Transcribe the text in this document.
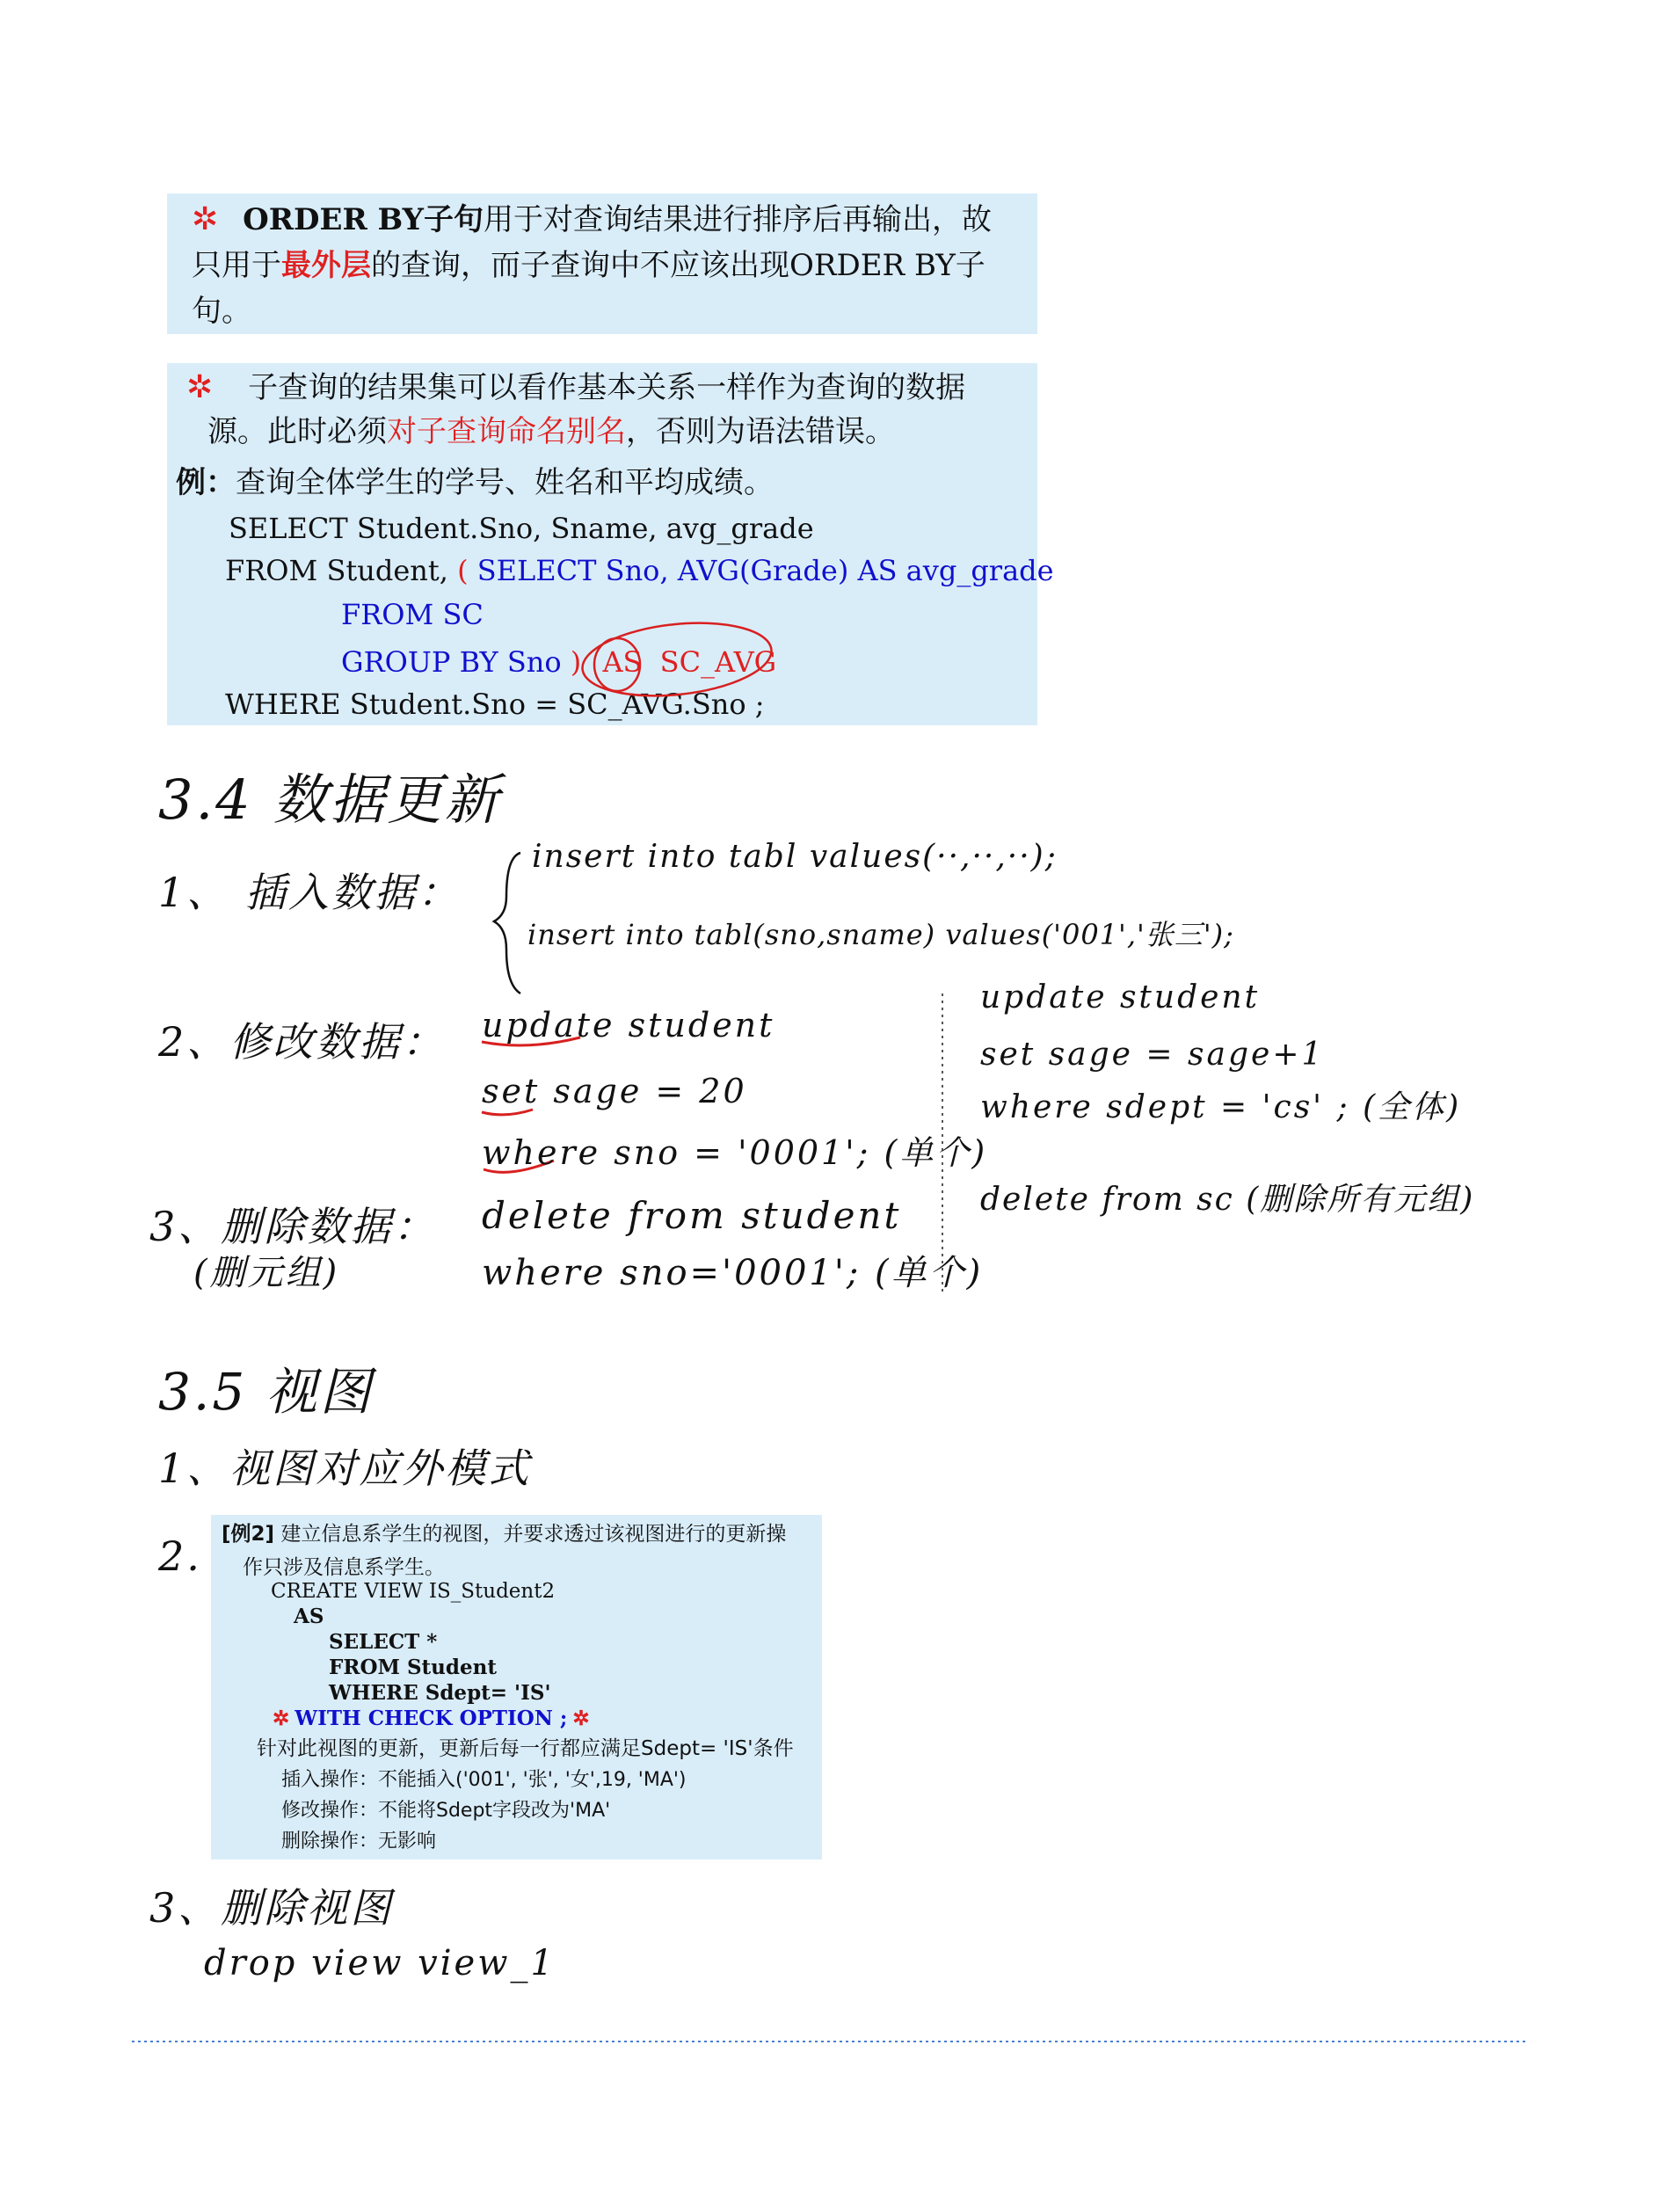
✲ ORDER BY子句用于对查询结果进行排序后再输出，故
只用于最外层的查询，而子查询中不应该出现ORDER BY子
句。
✲ 子查询的结果集可以看作基本关系一样作为查询的数据
源。此时必须对子查询命名别名，否则为语法错误。
例：查询全体学生的学号、姓名和平均成绩。
SELECT Student.Sno, Sname, avg_grade
FROM Student, ( SELECT Sno, AVG(Grade) AS avg_grade
FROM SC
GROUP BY Sno ) AS SC_AVG
WHERE Student.Sno = SC_AVG.Sno ;
3.4 数据更新
1、 插入数据：
insert into tabl values(··,··,··);
insert into tabl(sno,sname) values('001','张三');
2、修改数据： update student
set sage = 20
where sno = '0001'; (单个)
3、删除数据：
(删元组)
delete from student
where sno='0001'; (单个)
update student
set sage = sage+1
where sdept = 'cs' ; (全体)
delete from sc (删除所有元组)
3.5 视图
1、视图对应外模式
2. [例2] 建立信息系学生的视图，并要求透过该视图进行的更新操
作只涉及信息系学生。
CREATE VIEW IS_Student2
AS
SELECT *
FROM Student
WHERE Sdept= 'IS'
✲ WITH CHECK OPTION ; ✲
针对此视图的更新，更新后每一行都应满足Sdept= 'IS'条件
插入操作：不能插入('001', '张', '女',19, 'MA')
修改操作：不能将Sdept字段改为'MA'
删除操作：无影响
3、删除视图
drop view view_1
